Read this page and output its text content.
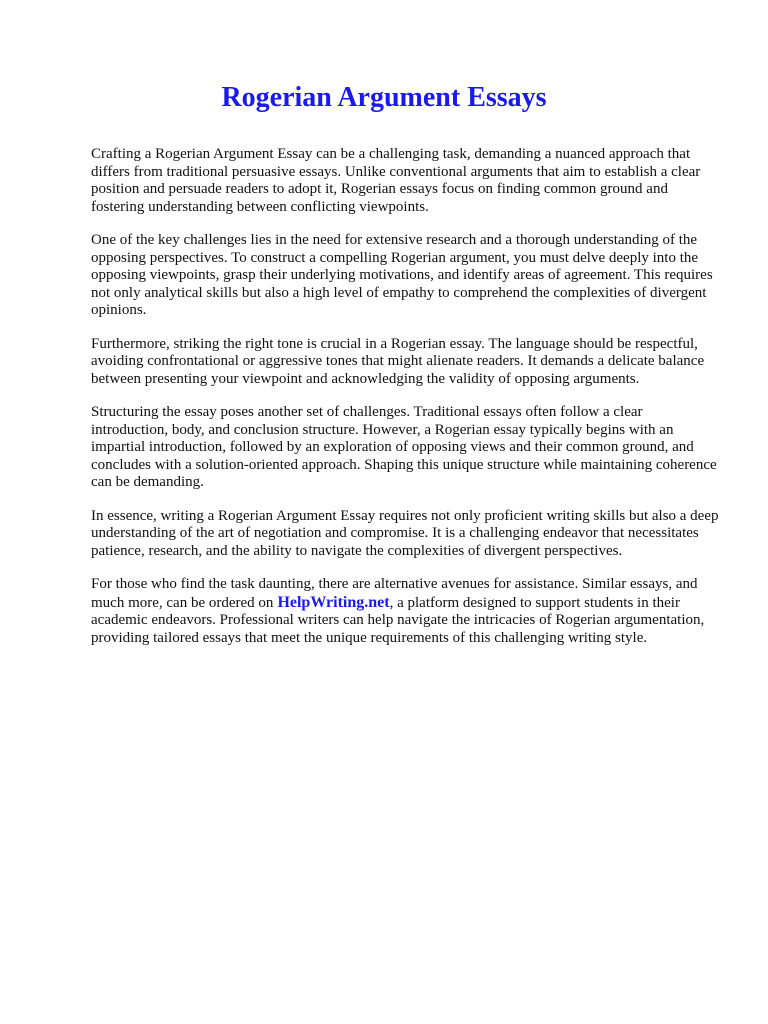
Rogerian Argument Essays

Crafting a Rogerian Argument Essay can be a challenging task, demanding a nuanced approach that differs from traditional persuasive essays. Unlike conventional arguments that aim to establish a clear position and persuade readers to adopt it, Rogerian essays focus on finding common ground and fostering understanding between conflicting viewpoints.

One of the key challenges lies in the need for extensive research and a thorough understanding of the opposing perspectives. To construct a compelling Rogerian argument, you must delve deeply into the opposing viewpoints, grasp their underlying motivations, and identify areas of agreement. This requires not only analytical skills but also a high level of empathy to comprehend the complexities of divergent opinions.

Furthermore, striking the right tone is crucial in a Rogerian essay. The language should be respectful, avoiding confrontational or aggressive tones that might alienate readers. It demands a delicate balance between presenting your viewpoint and acknowledging the validity of opposing arguments.

Structuring the essay poses another set of challenges. Traditional essays often follow a clear introduction, body, and conclusion structure. However, a Rogerian essay typically begins with an impartial introduction, followed by an exploration of opposing views and their common ground, and concludes with a solution-oriented approach. Shaping this unique structure while maintaining coherence can be demanding.

In essence, writing a Rogerian Argument Essay requires not only proficient writing skills but also a deep understanding of the art of negotiation and compromise. It is a challenging endeavor that necessitates patience, research, and the ability to navigate the complexities of divergent perspectives.

For those who find the task daunting, there are alternative avenues for assistance. Similar essays, and much more, can be ordered on HelpWriting.net, a platform designed to support students in their academic endeavors. Professional writers can help navigate the intricacies of Rogerian argumentation, providing tailored essays that meet the unique requirements of this challenging writing style.
